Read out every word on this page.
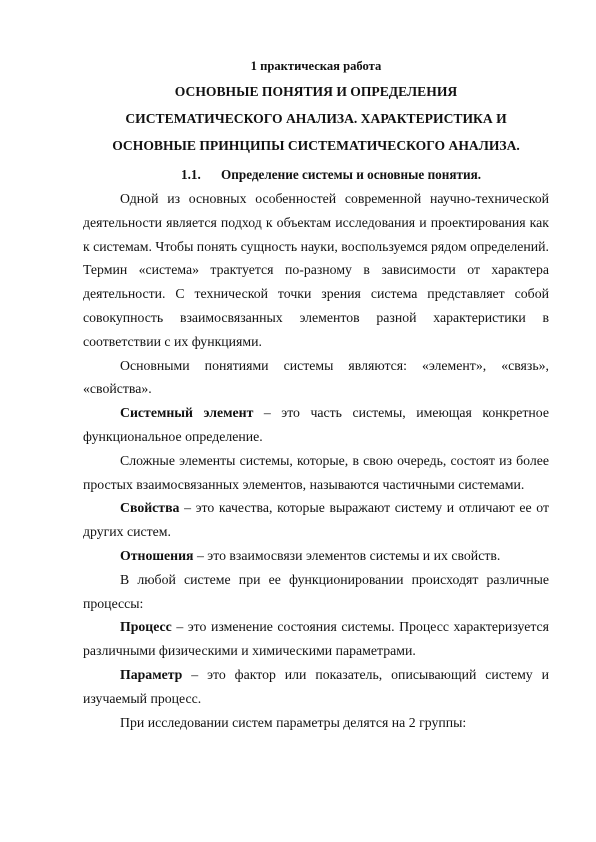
1 практическая работа
ОСНОВНЫЕ ПОНЯТИЯ И ОПРЕДЕЛЕНИЯ
СИСТЕМАТИЧЕСКОГО АНАЛИЗА. ХАРАКТЕРИСТИКА И
ОСНОВНЫЕ ПРИНЦИПЫ СИСТЕМАТИЧЕСКОГО АНАЛИЗА.
1.1. Определение системы и основные понятия.

Одной из основных особенностей современной научно-технической деятельности является подход к объектам исследования и проектирования как к системам. Чтобы понять сущность науки, воспользуемся рядом определений. Термин «система» трактуется по-разному в зависимости от характера деятельности. С технической точки зрения система представляет собой совокупность взаимосвязанных элементов разной характеристики в соответствии с их функциями.

Основными понятиями системы являются: «элемент», «связь», «свойства».

Системный элемент – это часть системы, имеющая конкретное функциональное определение.

Сложные элементы системы, которые, в свою очередь, состоят из более простых взаимосвязанных элементов, называются частичными системами.

Свойства – это качества, которые выражают систему и отличают ее от других систем.

Отношения – это взаимосвязи элементов системы и их свойств.

В любой системе при ее функционировании происходят различные процессы:

Процесс – это изменение состояния системы. Процесс характеризуется различными физическими и химическими параметрами.

Параметр – это фактор или показатель, описывающий систему и изучаемый процесс.

При исследовании систем параметры делятся на 2 группы:
